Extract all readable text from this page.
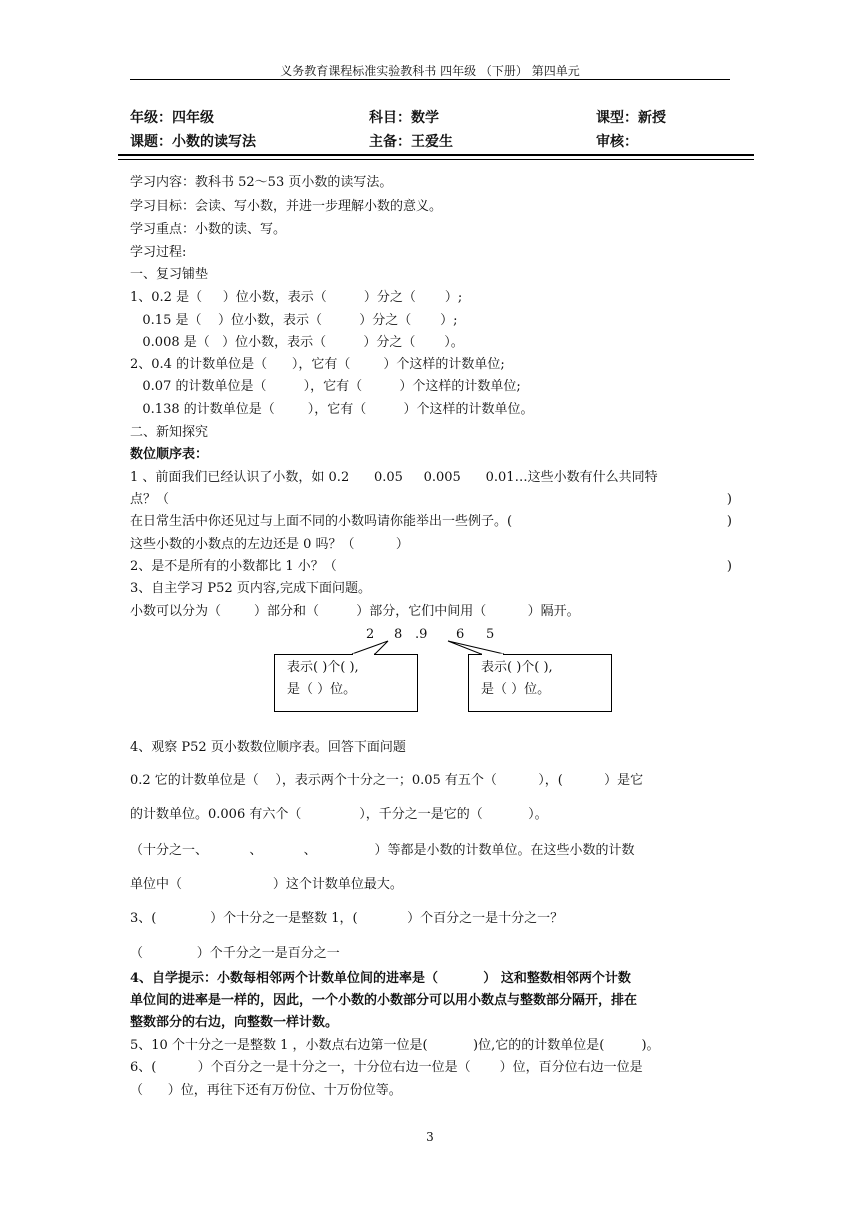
义务教育课程标准实验教科书 四年级 （下册） 第四单元
年级：四年级	科目：数学	课型：新授
课题：小数的读写法	主备：王爱生	审核：
学习内容：教科书 52～53 页小数的读写法。
学习目标：会读、写小数，并进一步理解小数的意义。
学习重点：小数的读、写。
学习过程:
一、复习铺垫
1、0.2 是（     ）位小数，表示（         ）分之（       ）;
0.15 是（    ）位小数，表示（         ）分之（       ）;
0.008 是（   ）位小数，表示（         ）分之（       ）。
2、0.4 的计数单位是（      ），它有（        ）个这样的计数单位;
0.07 的计数单位是（         ），它有（         ）个这样的计数单位;
0.138 的计数单位是（        ），它有（         ）个这样的计数单位。
二、新知探究
数位顺序表：
1 、前面我们已经认识了小数，如 0.2      0.05     0.005      0.01…这些小数有什么共同特
点？（	)
在日常生活中你还见过与上面不同的小数吗请你能举出一些例子。(	)
这些小数的小数点的左边还是 0 吗？（          ）
2、是不是所有的小数都比 1 小？（	)
3、自主学习 P52 页内容,完成下面问题。
小数可以分为（        ）部分和（         ）部分，它们中间用（          ）隔开。
2 8 .9 6 5
表示( )个( ),
是（ ）位。
表示( )个( ),
是（ ）位。
4、观察 P52 页小数数位顺序表。回答下面问题
0.2 它的计数单位是（    ），表示两个十分之一；0.05 有五个（          ），(          ）是它
的计数单位。0.006 有六个（              ），千分之一是它的（           ）。
（十分之一、          、          、              ）等都是小数的计数单位。在这些小数的计数
单位中（                      ）这个计数单位最大。
3、(             ）个十分之一是整数 1，(            ）个百分之一是十分之一？
（             ）个千分之一是百分之一
4、自学提示：小数每相邻两个计数单位间的进率是（          ） 这和整数相邻两个计数
单位间的进率是一样的，因此，一个小数的小数部分可以用小数点与整数部分隔开，排在
整数部分的右边，向整数一样计数。
5、10 个十分之一是整数 1 ，小数点右边第一位是(           )位,它的的计数单位是(         )。
6、(          ）个百分之一是十分之一，十分位右边一位是（       ）位，百分位右边一位是
（      ）位，再往下还有万份位、十万份位等。
3
